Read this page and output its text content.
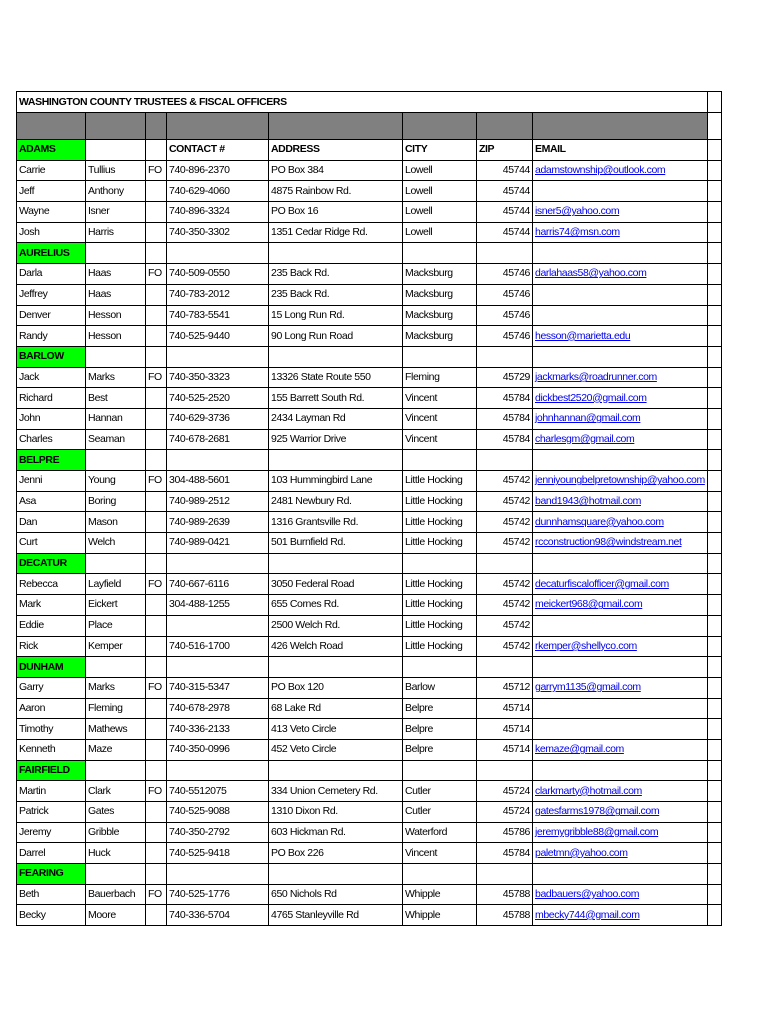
WASHINGTON COUNTY TRUSTEES & FISCAL OFFICERS								

ADAMS			CONTACT #	ADDRESS	CITY	ZIP	EMAIL	
Carrie	Tullius	FO	740-896-2370	PO Box 384	Lowell	45744	adamstownship@outlook.com	
Jeff	Anthony		740-629-4060	4875 Rainbow Rd.	Lowell	45744		
Wayne	Isner		740-896-3324	PO Box 16	Lowell	45744	isner5@yahoo.com	
Josh	Harris		740-350-3302	1351 Cedar Ridge Rd.	Lowell	45744	harris74@msn.com	
AURELIUS								
Darla	Haas	FO	740-509-0550	235 Back Rd.	Macksburg	45746	darlahaas58@yahoo.com	
Jeffrey	Haas		740-783-2012	235 Back Rd.	Macksburg	45746		
Denver	Hesson		740-783-5541	15 Long Run Rd.	Macksburg	45746		
Randy	Hesson		740-525-9440	90 Long Run Road	Macksburg	45746	hesson@marietta.edu	
BARLOW								
Jack	Marks	FO	740-350-3323	13326 State Route 550	Fleming	45729	jackmarks@roadrunner.com	
Richard	Best		740-525-2520	155 Barrett South Rd.	Vincent	45784	dickbest2520@gmail.com	
John	Hannan		740-629-3736	2434 Layman Rd	Vincent	45784	johnhannan@gmail.com	
Charles	Seaman		740-678-2681	925 Warrior Drive	Vincent	45784	charlesgm@gmail.com	
BELPRE								
Jenni	Young	FO	304-488-5601	103 Hummingbird Lane	Little Hocking	45742	jenniyoungbelpretownship@yahoo.com	
Asa	Boring		740-989-2512	2481 Newbury Rd.	Little Hocking	45742	band1943@hotmail.com	
Dan	Mason		740-989-2639	1316 Grantsville Rd.	Little Hocking	45742	dunnhamsquare@yahoo.com	
Curt	Welch		740-989-0421	501 Burnfield Rd.	Little Hocking	45742	rcconstruction98@windstream.net	
DECATUR								
Rebecca	Layfield	FO	740-667-6116	3050 Federal Road	Little Hocking	45742	decaturfiscalofficer@gmail.com	
Mark	Eickert		304-488-1255	655 Cornes Rd.	Little Hocking	45742	meickert968@gmail.com	
Eddie	Place			2500 Welch Rd.	Little Hocking	45742		
Rick	Kemper		740-516-1700	426 Welch Road	Little Hocking	45742	rkemper@shellyco.com	
DUNHAM								
Garry	Marks	FO	740-315-5347	PO Box 120	Barlow	45712	garrym1135@gmail.com	
Aaron	Fleming		740-678-2978	68 Lake Rd	Belpre	45714		
Timothy	Mathews		740-336-2133	413 Veto Circle	Belpre	45714		
Kenneth	Maze		740-350-0996	452 Veto Circle	Belpre	45714	kemaze@gmail.com	
FAIRFIELD								
Martin	Clark	FO	740-5512075	334 Union Cemetery Rd.	Cutler	45724	clarkmarty@hotmail.com	
Patrick	Gates		740-525-9088	1310 Dixon Rd.	Cutler	45724	gatesfarms1978@gmail.com	
Jeremy	Gribble		740-350-2792	603 Hickman Rd.	Waterford	45786	jeremygribble88@gmail.com	
Darrel	Huck		740-525-9418	PO Box 226	Vincent	45784	paletmn@yahoo.com	
FEARING								
Beth	Bauerbach	FO	740-525-1776	650 Nichols Rd	Whipple	45788	badbauers@yahoo.com	
Becky	Moore		740-336-5704	4765 Stanleyville Rd	Whipple	45788	mbecky744@gmail.com	
